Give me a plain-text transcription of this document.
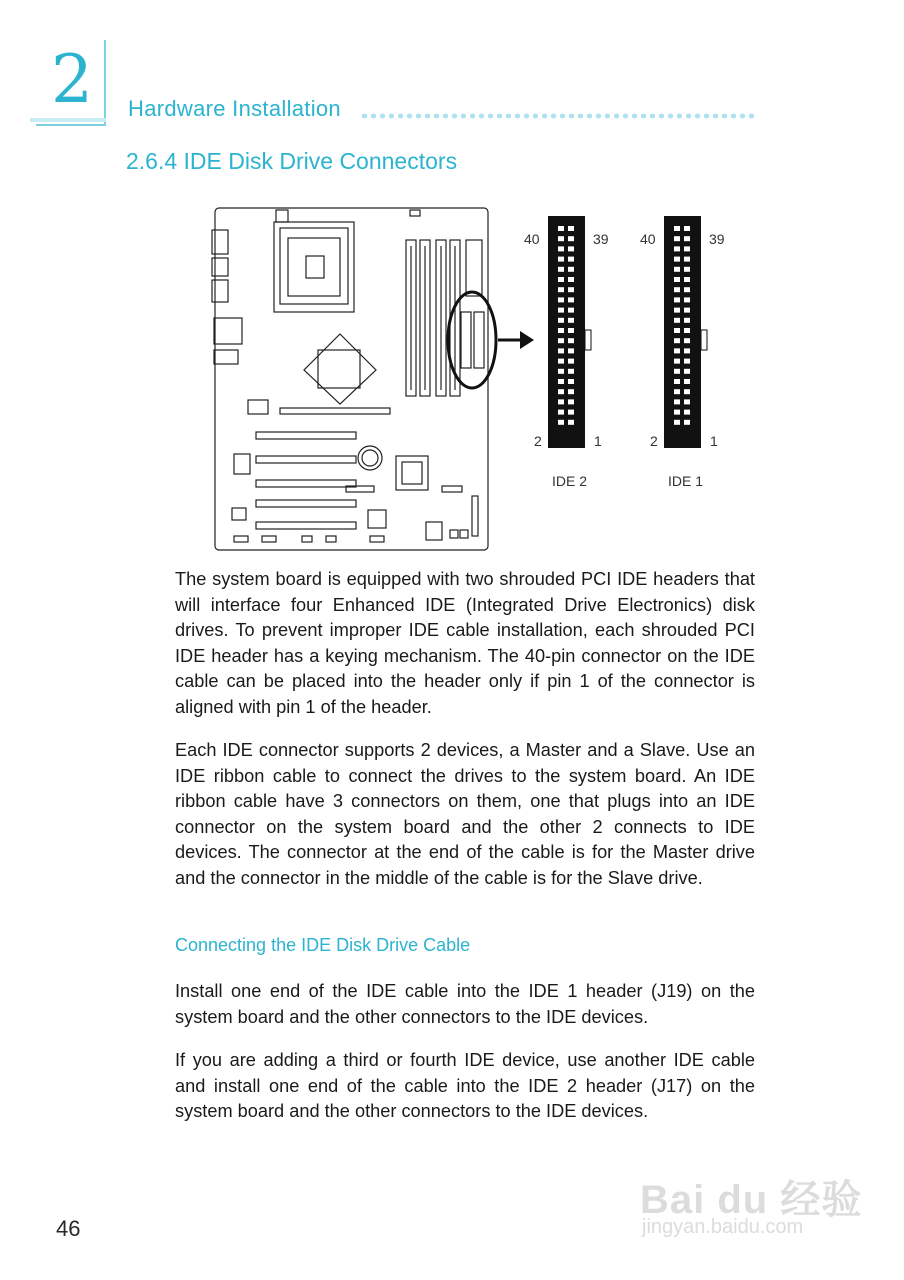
2	Hardware Installation
2.6.4 IDE Disk Drive Connectors
40	39
2	1
IDE 2
40	39
2	1
IDE 1

The system board is equipped with two shrouded PCI IDE headers that will interface four Enhanced IDE (Integrated Drive Electronics) disk drives. To prevent improper IDE cable installation, each shrouded PCI IDE header has a keying mechanism. The 40-pin connector on the IDE cable can be placed into the header only if pin 1 of the connector is aligned with pin 1 of the header.

Each IDE connector supports 2 devices, a Master and a Slave. Use an IDE ribbon cable to connect the drives to the system board. An IDE ribbon cable have 3 connectors on them, one that plugs into an IDE connector on the system board and the other 2 connects to IDE devices. The connector at the end of the cable is for the Master drive and the connector in the middle of the cable is for the Slave drive.

Connecting the IDE Disk Drive Cable

Install one end of the IDE cable into the IDE 1 header (J19) on the system board and the other connectors to the IDE devices.

If you are adding a third or fourth IDE device, use another IDE cable and install one end of the cable into the IDE 2 header (J17) on the system board and the other connectors to the IDE devices.

46
Bai du 经验
jingyan.baidu.com
